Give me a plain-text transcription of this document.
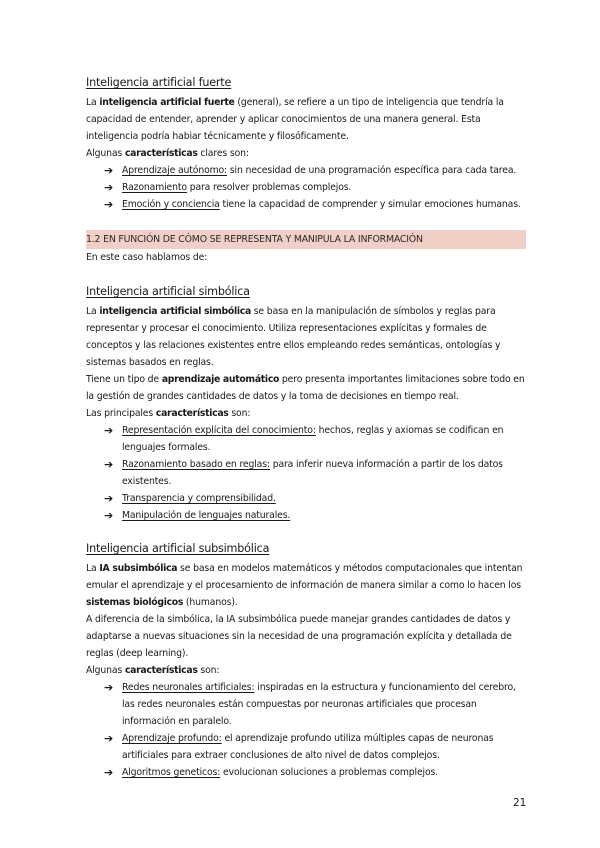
Inteligencia artificial fuerte
La inteligencia artificial fuerte (general), se refiere a un tipo de inteligencia que tendría la capacidad de entender, aprender y aplicar conocimientos de una manera general. Esta inteligencia podría habiar técnicamente y filosóficamente.
Algunas características clares son:
➔ Aprendizaje autónomo: sin necesidad de una programación específica para cada tarea.
➔ Razonamiento para resolver problemas complejos.
➔ Emoción y conciencia tiene la capacidad de comprender y simular emociones humanas.
1.2 EN FUNCIÓN DE CÓMO SE REPRESENTA Y MANIPULA LA INFORMACIÓN
En este caso hablamos de:
Inteligencia artificial simbólica
La inteligencia artificial simbólica se basa en la manipulación de símbolos y reglas para representar y procesar el conocimiento. Utiliza representaciones explícitas y formales de conceptos y las relaciones existentes entre ellos empleando redes semánticas, ontologías y sistemas basados en reglas.
Tiene un tipo de aprendizaje automático pero presenta importantes limitaciones sobre todo en la gestión de grandes cantidades de datos y la toma de decisiones en tiempo real.
Las principales características son:
➔ Representación explícita del conocimiento: hechos, reglas y axiomas se codifican en lenguajes formales.
➔ Razonamiento basado en reglas: para inferir nueva información a partir de los datos existentes.
➔ Transparencia y comprensibilidad.
➔ Manipulación de lenguajes naturales.
Inteligencia artificial subsimbólica
La IA subsimbólica se basa en modelos matemáticos y métodos computacionales que intentan emular el aprendizaje y el procesamiento de información de manera similar a como lo hacen los sistemas biológicos (humanos).
A diferencia de la simbólica, la IA subsimbólica puede manejar grandes cantidades de datos y adaptarse a nuevas situaciones sin la necesidad de una programación explícita y detallada de reglas (deep learning).
Algunas características son:
➔ Redes neuronales artificiales: inspiradas en la estructura y funcionamiento del cerebro, las redes neuronales están compuestas por neuronas artificiales que procesan información en paralelo.
➔ Aprendizaje profundo: el aprendizaje profundo utiliza múltiples capas de neuronas artificiales para extraer conclusiones de alto nivel de datos complejos.
➔ Algoritmos geneticos: evolucionan soluciones a problemas complejos.
21
